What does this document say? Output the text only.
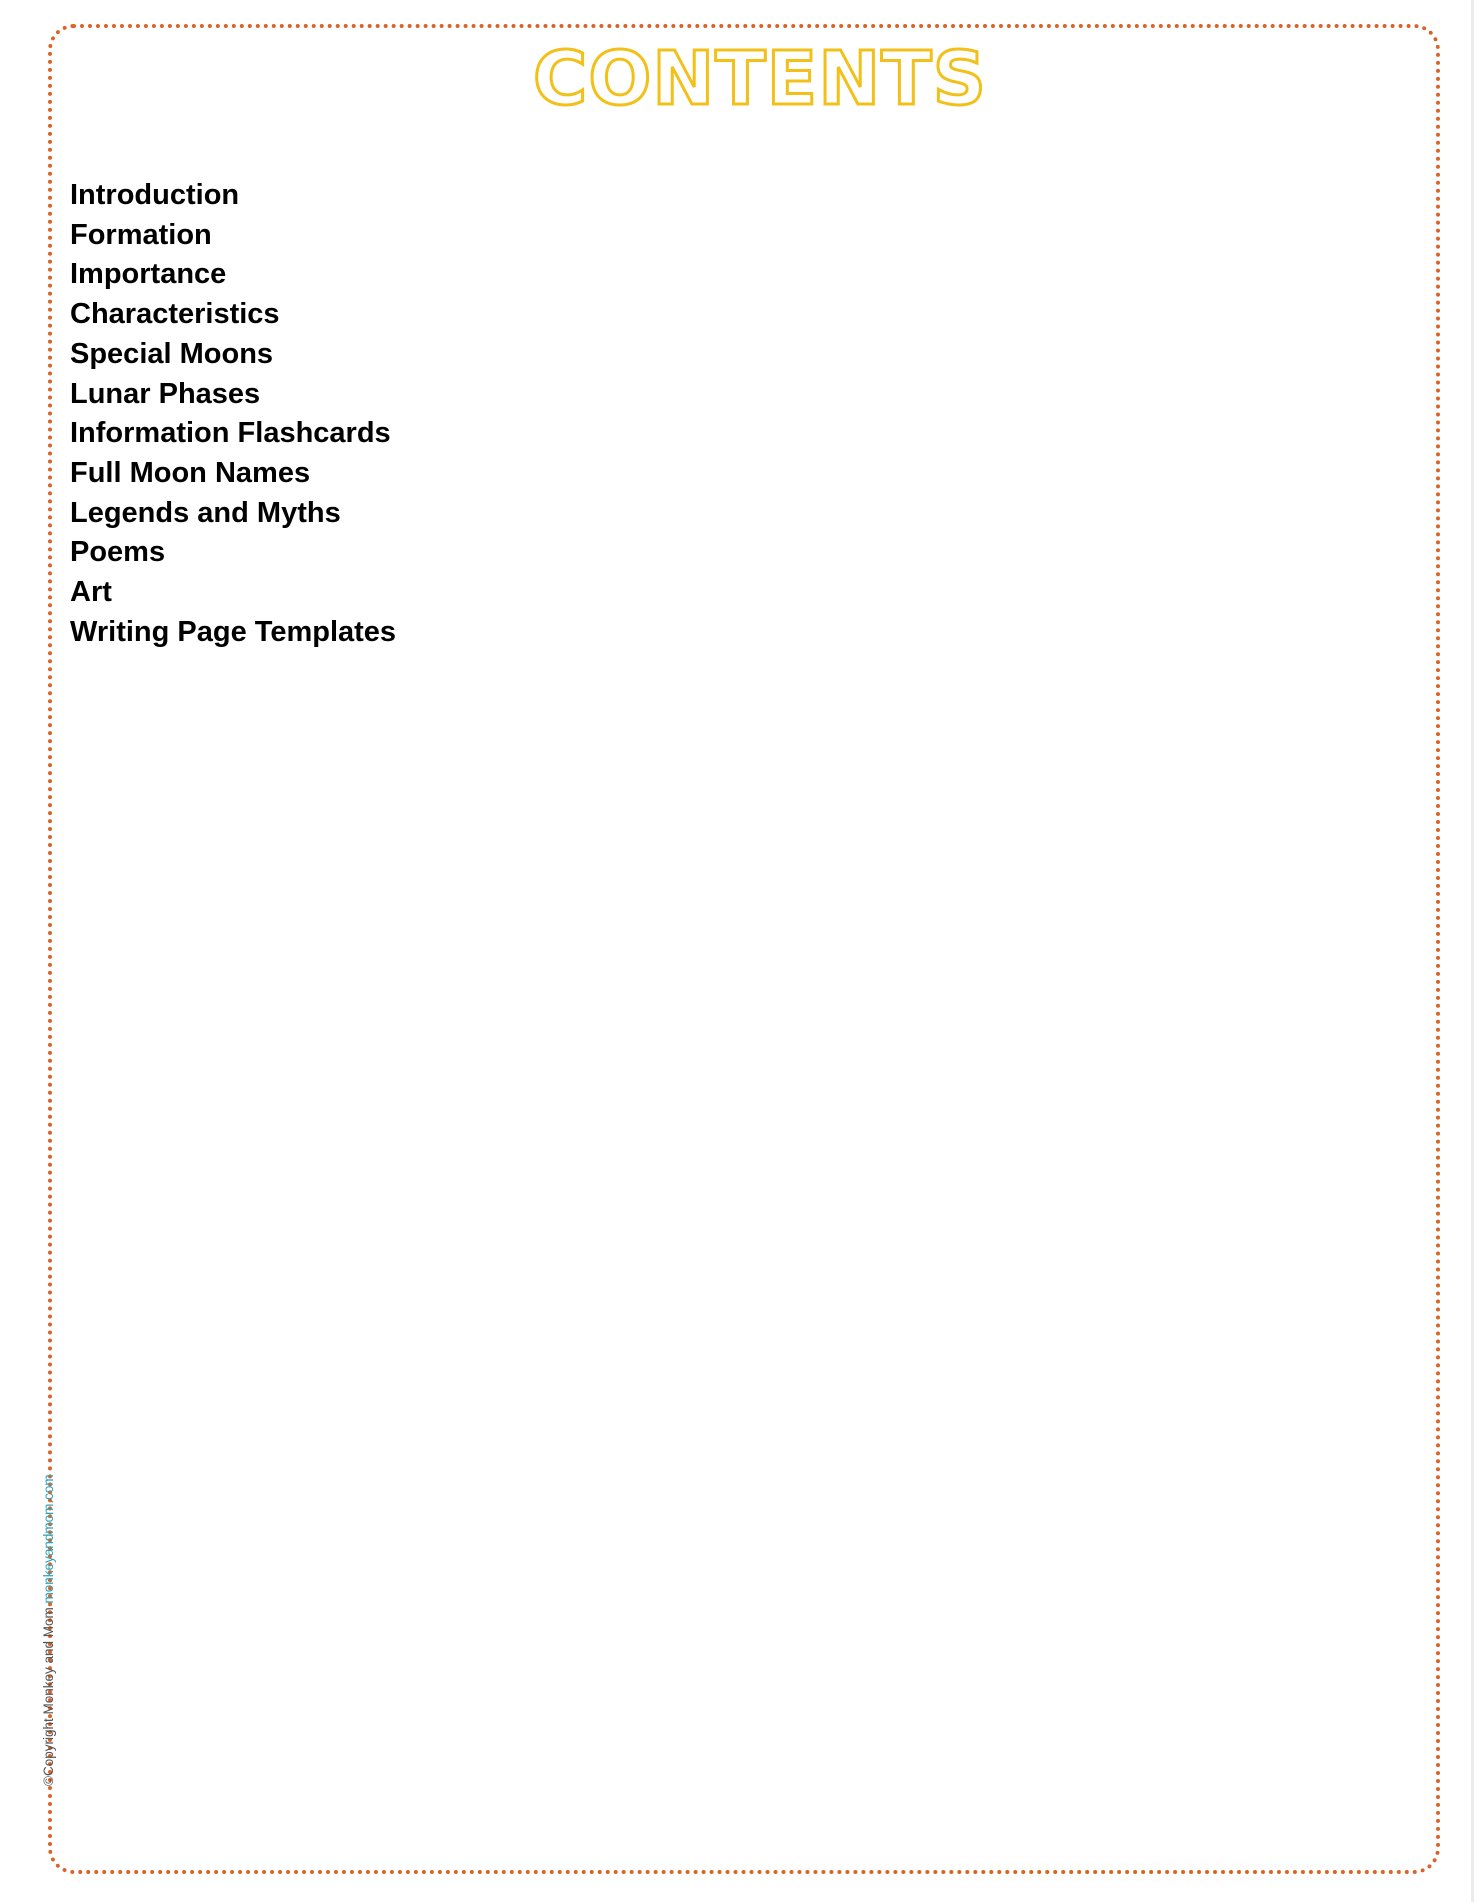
CONTENTS
Introduction
Formation
Importance
Characteristics
Special Moons
Lunar Phases
Information Flashcards
Full Moon Names
Legends and Myths
Poems
Art
Writing Page Templates
©Copyright Monkey and Mom monkeyandmom.com
